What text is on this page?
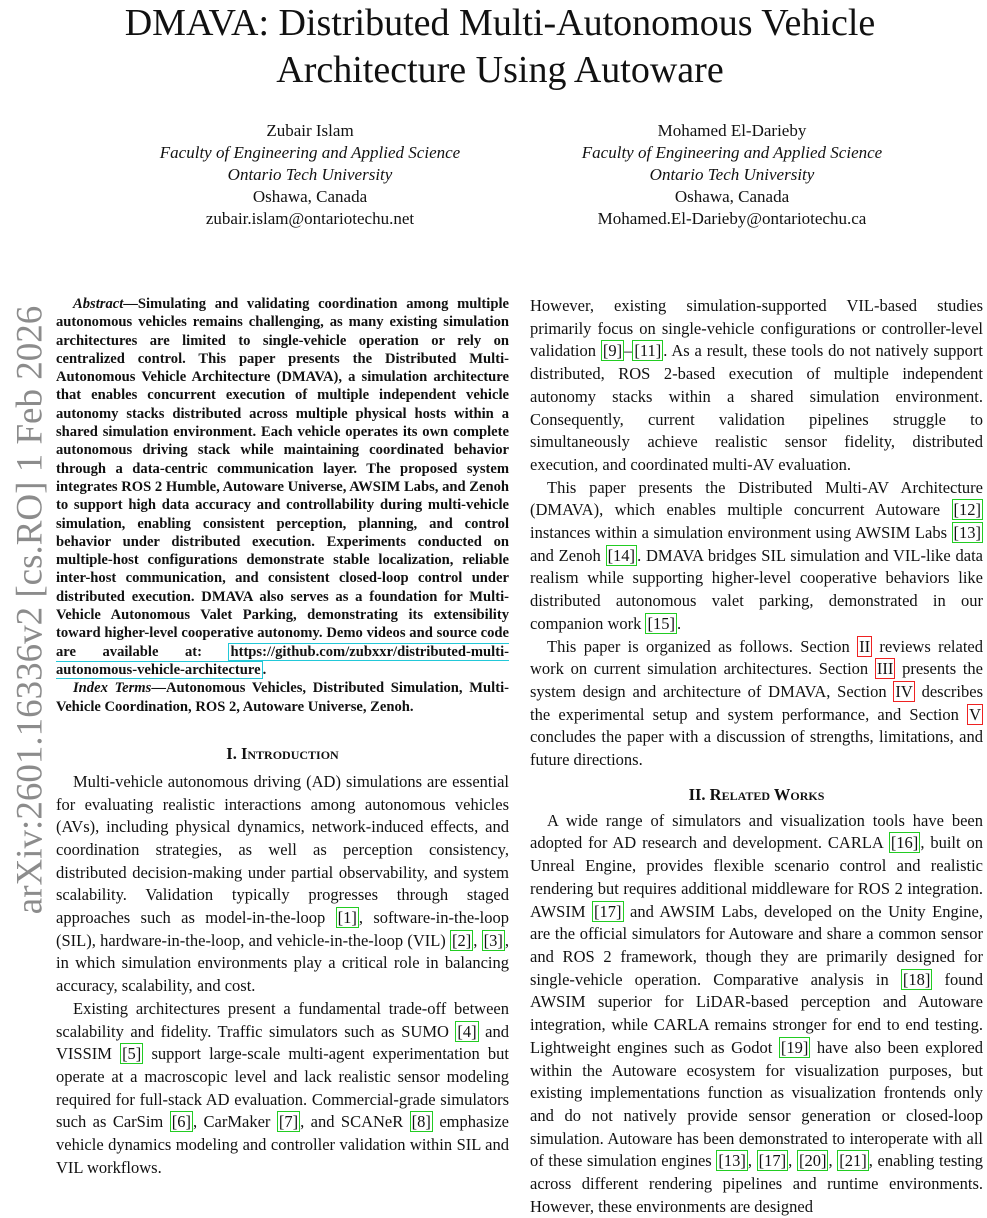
DMAVA: Distributed Multi-Autonomous Vehicle Architecture Using Autoware
Zubair Islam
Faculty of Engineering and Applied Science
Ontario Tech University
Oshawa, Canada
zubair.islam@ontariotechu.net
Mohamed El-Darieby
Faculty of Engineering and Applied Science
Ontario Tech University
Oshawa, Canada
Mohamed.El-Darieby@ontariotechu.ca
arXiv:2601.16336v2 [cs.RO] 1 Feb 2026

Abstract—Simulating and validating coordination among multiple autonomous vehicles remains challenging, as many existing simulation architectures are limited to single-vehicle operation or rely on centralized control. This paper presents the Distributed Multi-Autonomous Vehicle Architecture (DMAVA), a simulation architecture that enables concurrent execution of multiple independent vehicle autonomy stacks distributed across multiple physical hosts within a shared simulation environment. Each vehicle operates its own complete autonomous driving stack while maintaining coordinated behavior through a data-centric communication layer. The proposed system integrates ROS 2 Humble, Autoware Universe, AWSIM Labs, and Zenoh to support high data accuracy and controllability during multi-vehicle simulation, enabling consistent perception, planning, and control behavior under distributed execution. Experiments conducted on multiple-host configurations demonstrate stable localization, reliable inter-host communication, and consistent closed-loop control under distributed execution. DMAVA also serves as a foundation for Multi-Vehicle Autonomous Valet Parking, demonstrating its extensibility toward higher-level cooperative autonomy. Demo videos and source code are available at: https://github.com/zubxxr/distributed-multi-autonomous-vehicle-architecture .

Index Terms—Autonomous Vehicles, Distributed Simulation, Multi-Vehicle Coordination, ROS 2, Autoware Universe, Zenoh.

I. Introduction

Multi-vehicle autonomous driving (AD) simulations are essential for evaluating realistic interactions among autonomous vehicles (AVs), including physical dynamics, network-induced effects, and coordination strategies, as well as perception consistency, distributed decision-making under partial observability, and system scalability. Validation typically progresses through staged approaches such as model-in-the-loop [1] , software-in-the-loop (SIL), hardware-in-the-loop, and vehicle-in-the-loop (VIL) [2] , [3] , in which simulation environments play a critical role in balancing accuracy, scalability, and cost.

Existing architectures present a fundamental trade-off between scalability and fidelity. Traffic simulators such as SUMO [4] and VISSIM [5] support large-scale multi-agent experimentation but operate at a macroscopic level and lack realistic sensor modeling required for full-stack AD evaluation. Commercial-grade simulators such as CarSim [6] , CarMaker [7] , and SCANeR [8] emphasize vehicle dynamics modeling and controller validation within SIL and VIL workflows.

However, existing simulation-supported VIL-based studies primarily focus on single-vehicle configurations or controller-level validation [9] – [11] . As a result, these tools do not natively support distributed, ROS 2-based execution of multiple independent autonomy stacks within a shared simulation environment. Consequently, current validation pipelines struggle to simultaneously achieve realistic sensor fidelity, distributed execution, and coordinated multi-AV evaluation.

This paper presents the Distributed Multi-AV Architecture (DMAVA), which enables multiple concurrent Autoware [12] instances within a simulation environment using AWSIM Labs [13] and Zenoh [14] . DMAVA bridges SIL simulation and VIL-like data realism while supporting higher-level cooperative behaviors like distributed autonomous valet parking, demonstrated in our companion work [15] .

This paper is organized as follows. Section II reviews related work on current simulation architectures. Section III presents the system design and architecture of DMAVA, Section IV describes the experimental setup and system performance, and Section V concludes the paper with a discussion of strengths, limitations, and future directions.

II. Related Works

A wide range of simulators and visualization tools have been adopted for AD research and development. CARLA [16] , built on Unreal Engine, provides flexible scenario control and realistic rendering but requires additional middleware for ROS 2 integration. AWSIM [17] and AWSIM Labs, developed on the Unity Engine, are the official simulators for Autoware and share a common sensor and ROS 2 framework, though they are primarily designed for single-vehicle operation. Comparative analysis in [18] found AWSIM superior for LiDAR-based perception and Autoware integration, while CARLA remains stronger for end to end testing. Lightweight engines such as Godot [19] have also been explored within the Autoware ecosystem for visualization purposes, but existing implementations function as visualization frontends only and do not natively provide sensor generation or closed-loop simulation. Autoware has been demonstrated to interoperate with all of these simulation engines [13] , [17] , [20] , [21] , enabling testing across different rendering pipelines and runtime environments. However, these environments are designed
